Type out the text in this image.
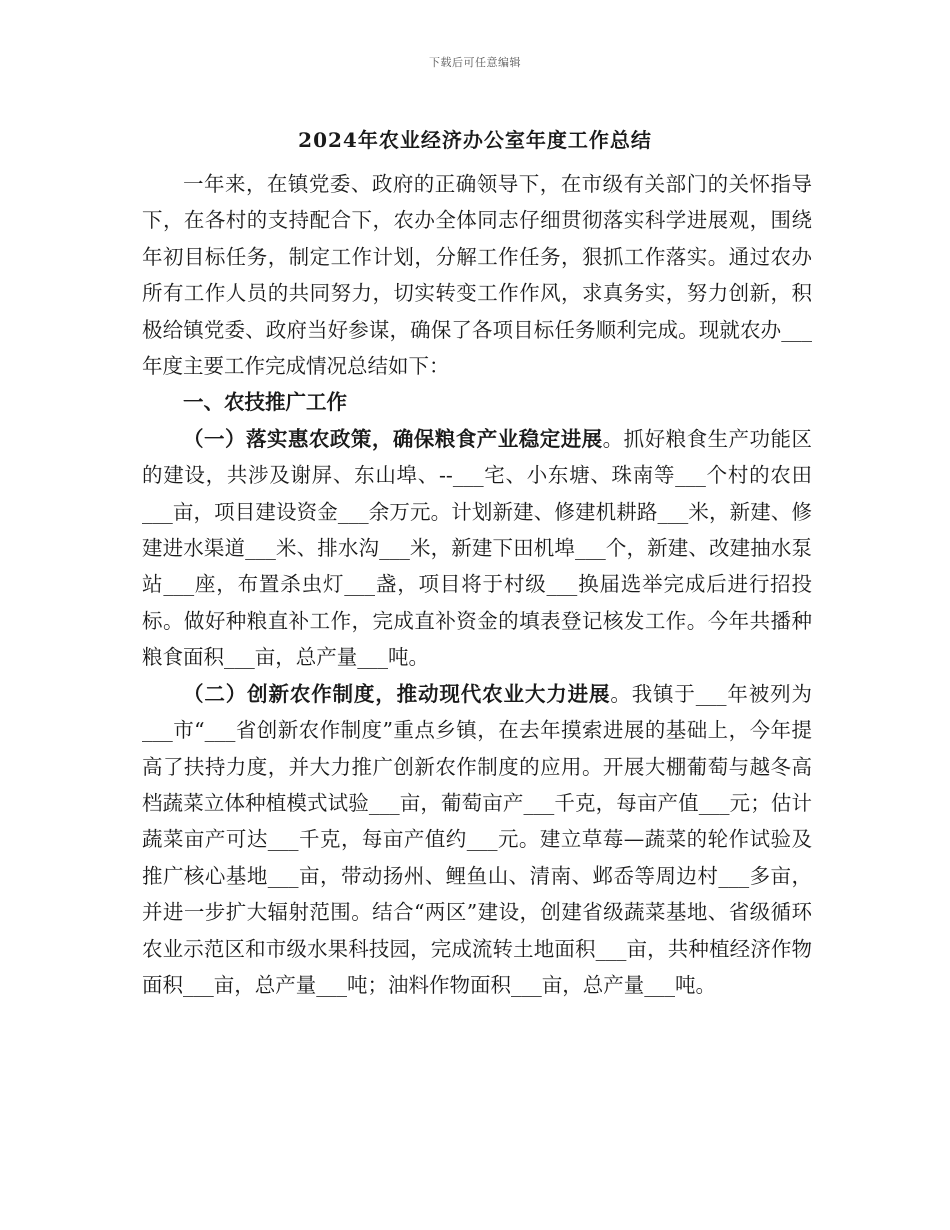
下载后可任意编辑
2024年农业经济办公室年度工作总结

一年来，在镇党委、政府的正确领导下，在市级有关部门的关怀指导下，在各村的支持配合下，农办全体同志仔细贯彻落实科学进展观，围绕年初目标任务，制定工作计划，分解工作任务，狠抓工作落实。通过农办所有工作人员的共同努力，切实转变工作作风，求真务实，努力创新，积极给镇党委、政府当好参谋，确保了各项目标任务顺利完成。现就农办___年度主要工作完成情况总结如下：

一、农技推广工作

（一）落实惠农政策，确保粮食产业稳定进展。抓好粮食生产功能区的建设，共涉及谢屏、东山埠、--___宅、小东塘、珠南等___个村的农田___亩，项目建设资金___余万元。计划新建、修建机耕路___米，新建、修建进水渠道___米、排水沟___米，新建下田机埠___个，新建、改建抽水泵站___座，布置杀虫灯___盏，项目将于村级___换届选举完成后进行招投标。做好种粮直补工作，完成直补资金的填表登记核发工作。今年共播种粮食面积___亩，总产量___吨。

（二）创新农作制度，推动现代农业大力进展。我镇于___年被列为___市“___省创新农作制度”重点乡镇，在去年摸索进展的基础上，今年提高了扶持力度，并大力推广创新农作制度的应用。开展大棚葡萄与越冬高档蔬菜立体种植模式试验___亩，葡萄亩产___千克，每亩产值___元；估计蔬菜亩产可达___千克，每亩产值约___元。建立草莓—蔬菜的轮作试验及推广核心基地___亩，带动扬州、鲤鱼山、清南、邺岙等周边村___多亩，并进一步扩大辐射范围。结合“两区”建设，创建省级蔬菜基地、省级循环农业示范区和市级水果科技园，完成流转土地面积___亩，共种植经济作物面积___亩，总产量___吨；油料作物面积___亩，总产量___吨。
